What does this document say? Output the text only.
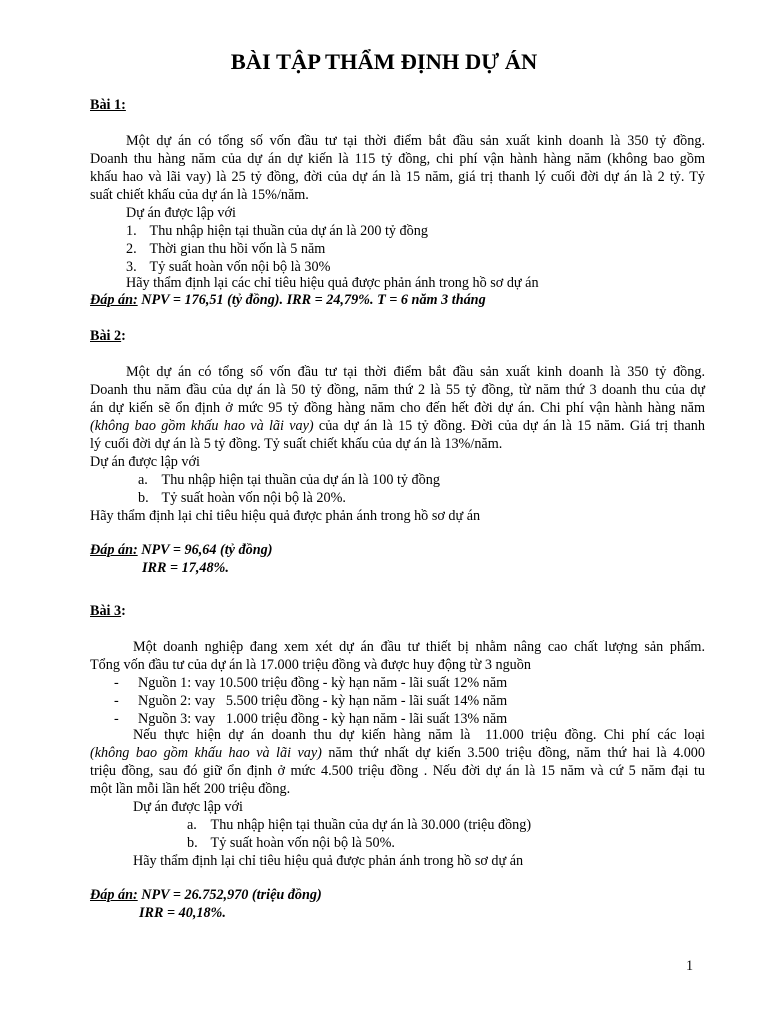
BÀI TẬP THẨM ĐỊNH DỰ ÁN
Bài 1:
Một dự án có tổng số vốn đầu tư tại thời điểm bắt đầu sản xuất kinh doanh là 350 tỷ đồng.
Doanh thu hàng năm của dự án dự kiến là 115 tỷ đồng, chi phí vận hành hàng năm (không bao gồm
khấu hao và lãi vay) là 25 tỷ đồng, đời của dự án là 15 năm, giá trị thanh lý cuối đời dự án là 2 tỷ. Tỷ
suất chiết khấu của dự án là 15%/năm.
Dự án được lập với
1. Thu nhập hiện tại thuần của dự án là 200 tỷ đồng
2. Thời gian thu hồi vốn là 5 năm
3. Tỷ suất hoàn vốn nội bộ là 30%
Hãy thẩm định lại các chỉ tiêu hiệu quả được phản ánh trong hồ sơ dự án
Đáp án: NPV = 176,51 (tỷ đồng). IRR = 24,79%. T = 6 năm 3 tháng
Bài 2:
Một dự án có tổng số vốn đầu tư tại thời điểm bắt đầu sản xuất kinh doanh là 350 tỷ đồng.
Doanh thu năm đầu của dự án là 50 tỷ đồng, năm thứ 2 là 55 tỷ đồng, từ năm thứ 3 doanh thu của dự
án dự kiến sẽ ổn định ở mức 95 tỷ đồng hàng năm cho đến hết đời dự án. Chi phí vận hành hàng năm
(không bao gồm khấu hao và lãi vay) của dự án là 15 tỷ đồng. Đời của dự án là 15 năm. Giá trị thanh
lý cuối đời dự án là 5 tỷ đồng. Tỷ suất chiết khấu của dự án là 13%/năm.
Dự án được lập với
a. Thu nhập hiện tại thuần của dự án là 100 tỷ đồng
b. Tỷ suất hoàn vốn nội bộ là 20%.
Hãy thẩm định lại chỉ tiêu hiệu quả được phản ánh trong hồ sơ dự án
Đáp án: NPV = 96,64 (tỷ đồng)
IRR = 17,48%.
Bài 3:
Một doanh nghiệp đang xem xét dự án đầu tư thiết bị nhằm nâng cao chất lượng sản phẩm.
Tổng vốn đầu tư của dự án là 17.000 triệu đồng và được huy động từ 3 nguồn
- Nguồn 1: vay 10.500 triệu đồng - kỳ hạn năm - lãi suất 12% năm
- Nguồn 2: vay   5.500 triệu đồng - kỳ hạn năm - lãi suất 14% năm
- Nguồn 3: vay   1.000 triệu đồng - kỳ hạn năm - lãi suất 13% năm
Nếu thực hiện dự án doanh thu dự kiến hàng năm là  11.000 triệu đồng. Chi phí các loại
(không bao gồm khấu hao và lãi vay) năm thứ nhất dự kiến 3.500 triệu đồng, năm thứ hai là 4.000
triệu đồng, sau đó giữ ổn định ở mức 4.500 triệu đồng . Nếu đời dự án là 15 năm và cứ 5 năm đại tu
một lần mỗi lần hết 200 triệu đồng.
Dự án được lập với
a. Thu nhập hiện tại thuần của dự án là 30.000 (triệu đồng)
b. Tỷ suất hoàn vốn nội bộ là 50%.
Hãy thẩm định lại chỉ tiêu hiệu quả được phản ánh trong hồ sơ dự án
Đáp án: NPV = 26.752,970 (triệu đồng)
IRR = 40,18%.
1
